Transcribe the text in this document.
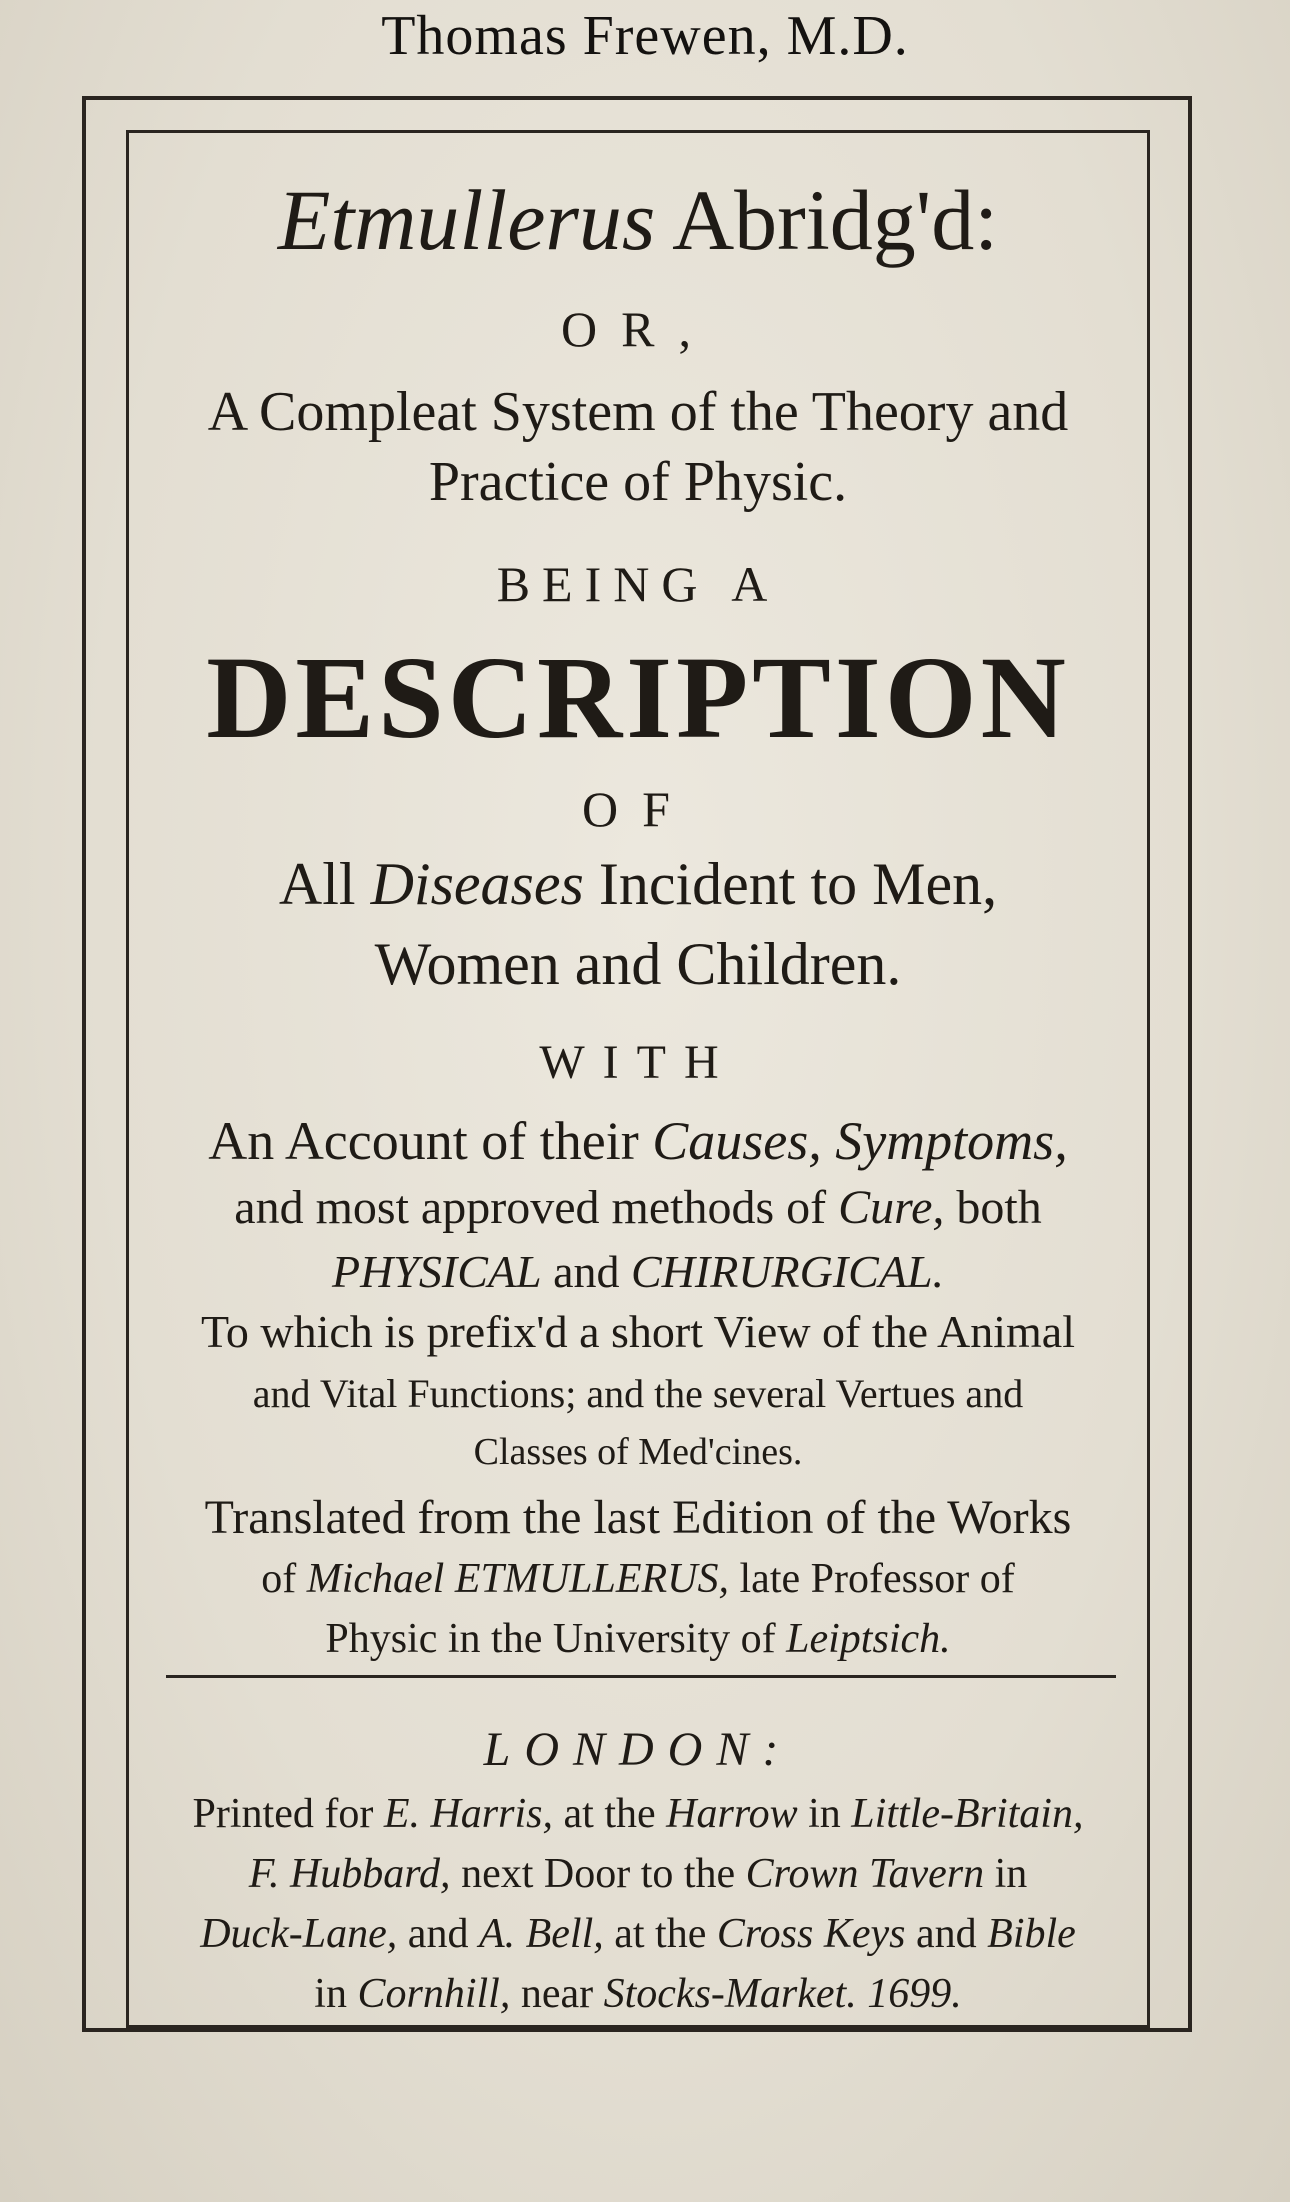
Thomas Frewen, M.D.
Etmullerus Abridg'd:
OR,
A Compleat System of the Theory and
Practice of Physic.
BEING A
DESCRIPTION
OF
All Diseases Incident to Men,
Women and Children.
WITH
An Account of their Causes, Symptoms,
and most approved methods of Cure, both
PHYSICAL and CHIRURGICAL.
To which is prefix'd a short View of the Animal
and Vital Functions; and the several Vertues and
Classes of Med'cines.
Translated from the last Edition of the Works
of Michael ETMULLERUS, late Professor of
Physic in the University of Leiptsich.
LONDON:
Printed for E. Harris, at the Harrow in Little-Britain,
F. Hubbard, next Door to the Crown Tavern in
Duck-Lane, and A. Bell, at the Cross Keys and Bible
in Cornhill, near Stocks-Market. 1699.
